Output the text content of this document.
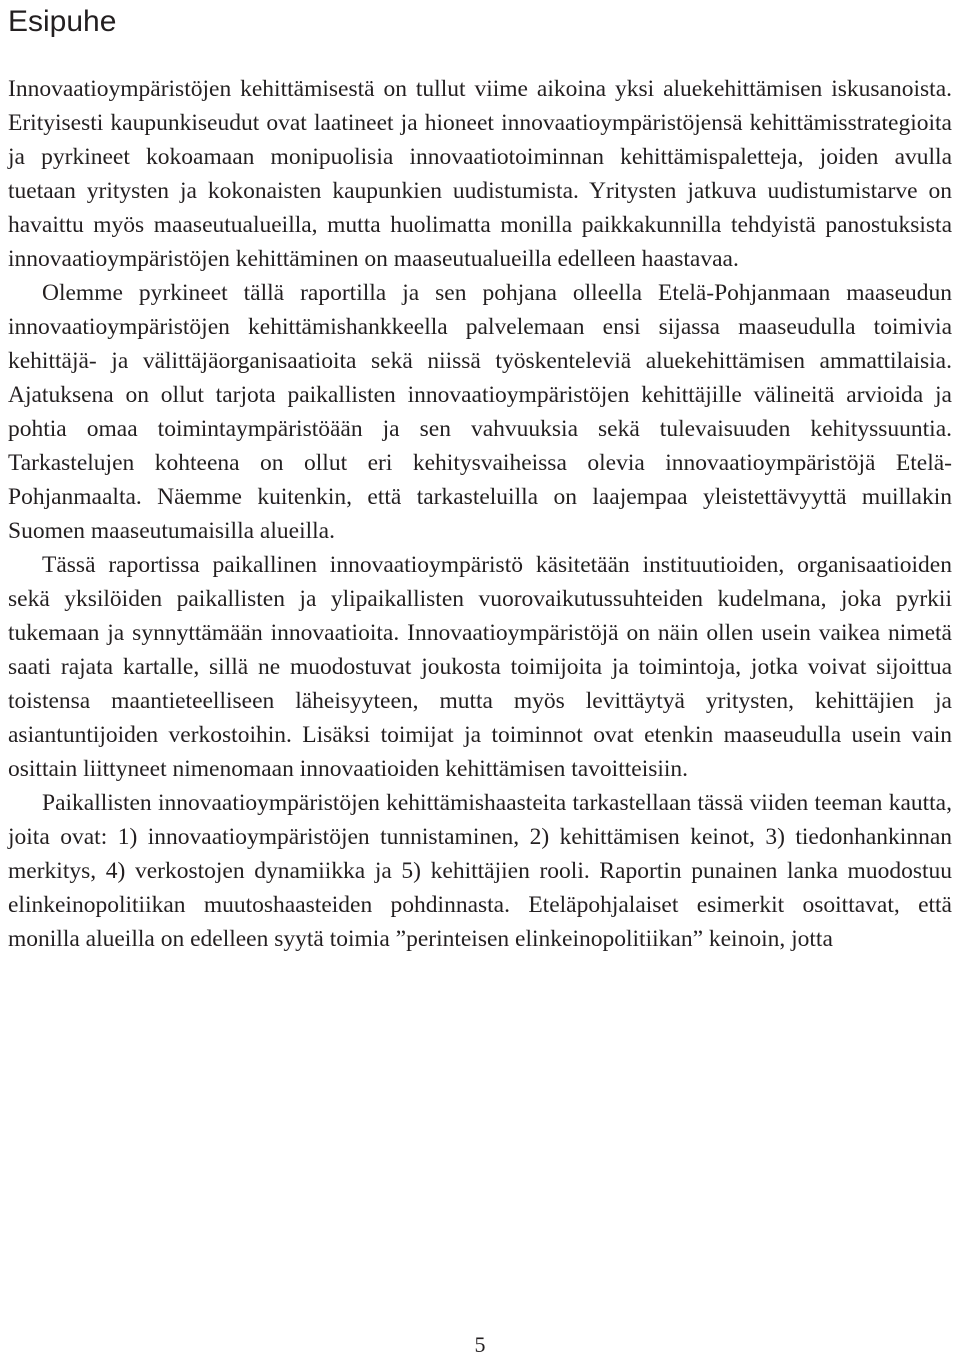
Esipuhe

Innovaatioympäristöjen kehittämisestä on tullut viime aikoina yksi aluekehittämisen iskusanoista. Erityisesti kaupunkiseudut ovat laatineet ja hioneet innovaatioympäristöjensä kehittämisstrategioita ja pyrkineet kokoamaan monipuolisia innovaatiotoiminnan kehittämispaletteja, joiden avulla tuetaan yritysten ja kokonaisten kaupunkien uudistumista. Yritysten jatkuva uudistumistarve on havaittu myös maaseutualueilla, mutta huolimatta monilla paikkakunnilla tehdyistä panostuksista innovaatioympäristöjen kehittäminen on maaseutualueilla edelleen haastavaa.

Olemme pyrkineet tällä raportilla ja sen pohjana olleella Etelä-Pohjanmaan maaseudun innovaatioympäristöjen kehittämishankkeella palvelemaan ensi sijassa maaseudulla toimivia kehittäjä- ja välittäjäorganisaatioita sekä niissä työskenteleviä aluekehittämisen ammattilaisia. Ajatuksena on ollut tarjota paikallisten innovaatioympäristöjen kehittäjille välineitä arvioida ja pohtia omaa toimintaympäristöään ja sen vahvuuksia sekä tulevaisuuden kehityssuuntia. Tarkastelujen kohteena on ollut eri kehitysvaiheissa olevia innovaatioympäristöjä Etelä-Pohjanmaalta. Näemme kuitenkin, että tarkasteluilla on laajempaa yleistettävyyttä muillakin Suomen maaseutumaisilla alueilla.

Tässä raportissa paikallinen innovaatioympäristö käsitetään instituutioiden, organisaatioiden sekä yksilöiden paikallisten ja ylipaikallisten vuorovaikutussuhteiden kudelmana, joka pyrkii tukemaan ja synnyttämään innovaatioita. Innovaatioympäristöjä on näin ollen usein vaikea nimetä saati rajata kartalle, sillä ne muodostuvat joukosta toimijoita ja toimintoja, jotka voivat sijoittua toistensa maantieteelliseen läheisyyteen, mutta myös levittäytyä yritysten, kehittäjien ja asiantuntijoiden verkostoihin. Lisäksi toimijat ja toiminnot ovat etenkin maaseudulla usein vain osittain liittyneet nimenomaan innovaatioiden kehittämisen tavoitteisiin.

Paikallisten innovaatioympäristöjen kehittämishaasteita tarkastellaan tässä viiden teeman kautta, joita ovat: 1) innovaatioympäristöjen tunnistaminen, 2) kehittämisen keinot, 3) tiedonhankinnan merkitys, 4) verkostojen dynamiikka ja 5) kehittäjien rooli. Raportin punainen lanka muodostuu elinkeinopolitiikan muutoshaasteiden pohdinnasta. Eteläpohjalaiset esimerkit osoittavat, että monilla alueilla on edelleen syytä toimia ”perinteisen elinkeinopolitiikan” keinoin, jotta

5
